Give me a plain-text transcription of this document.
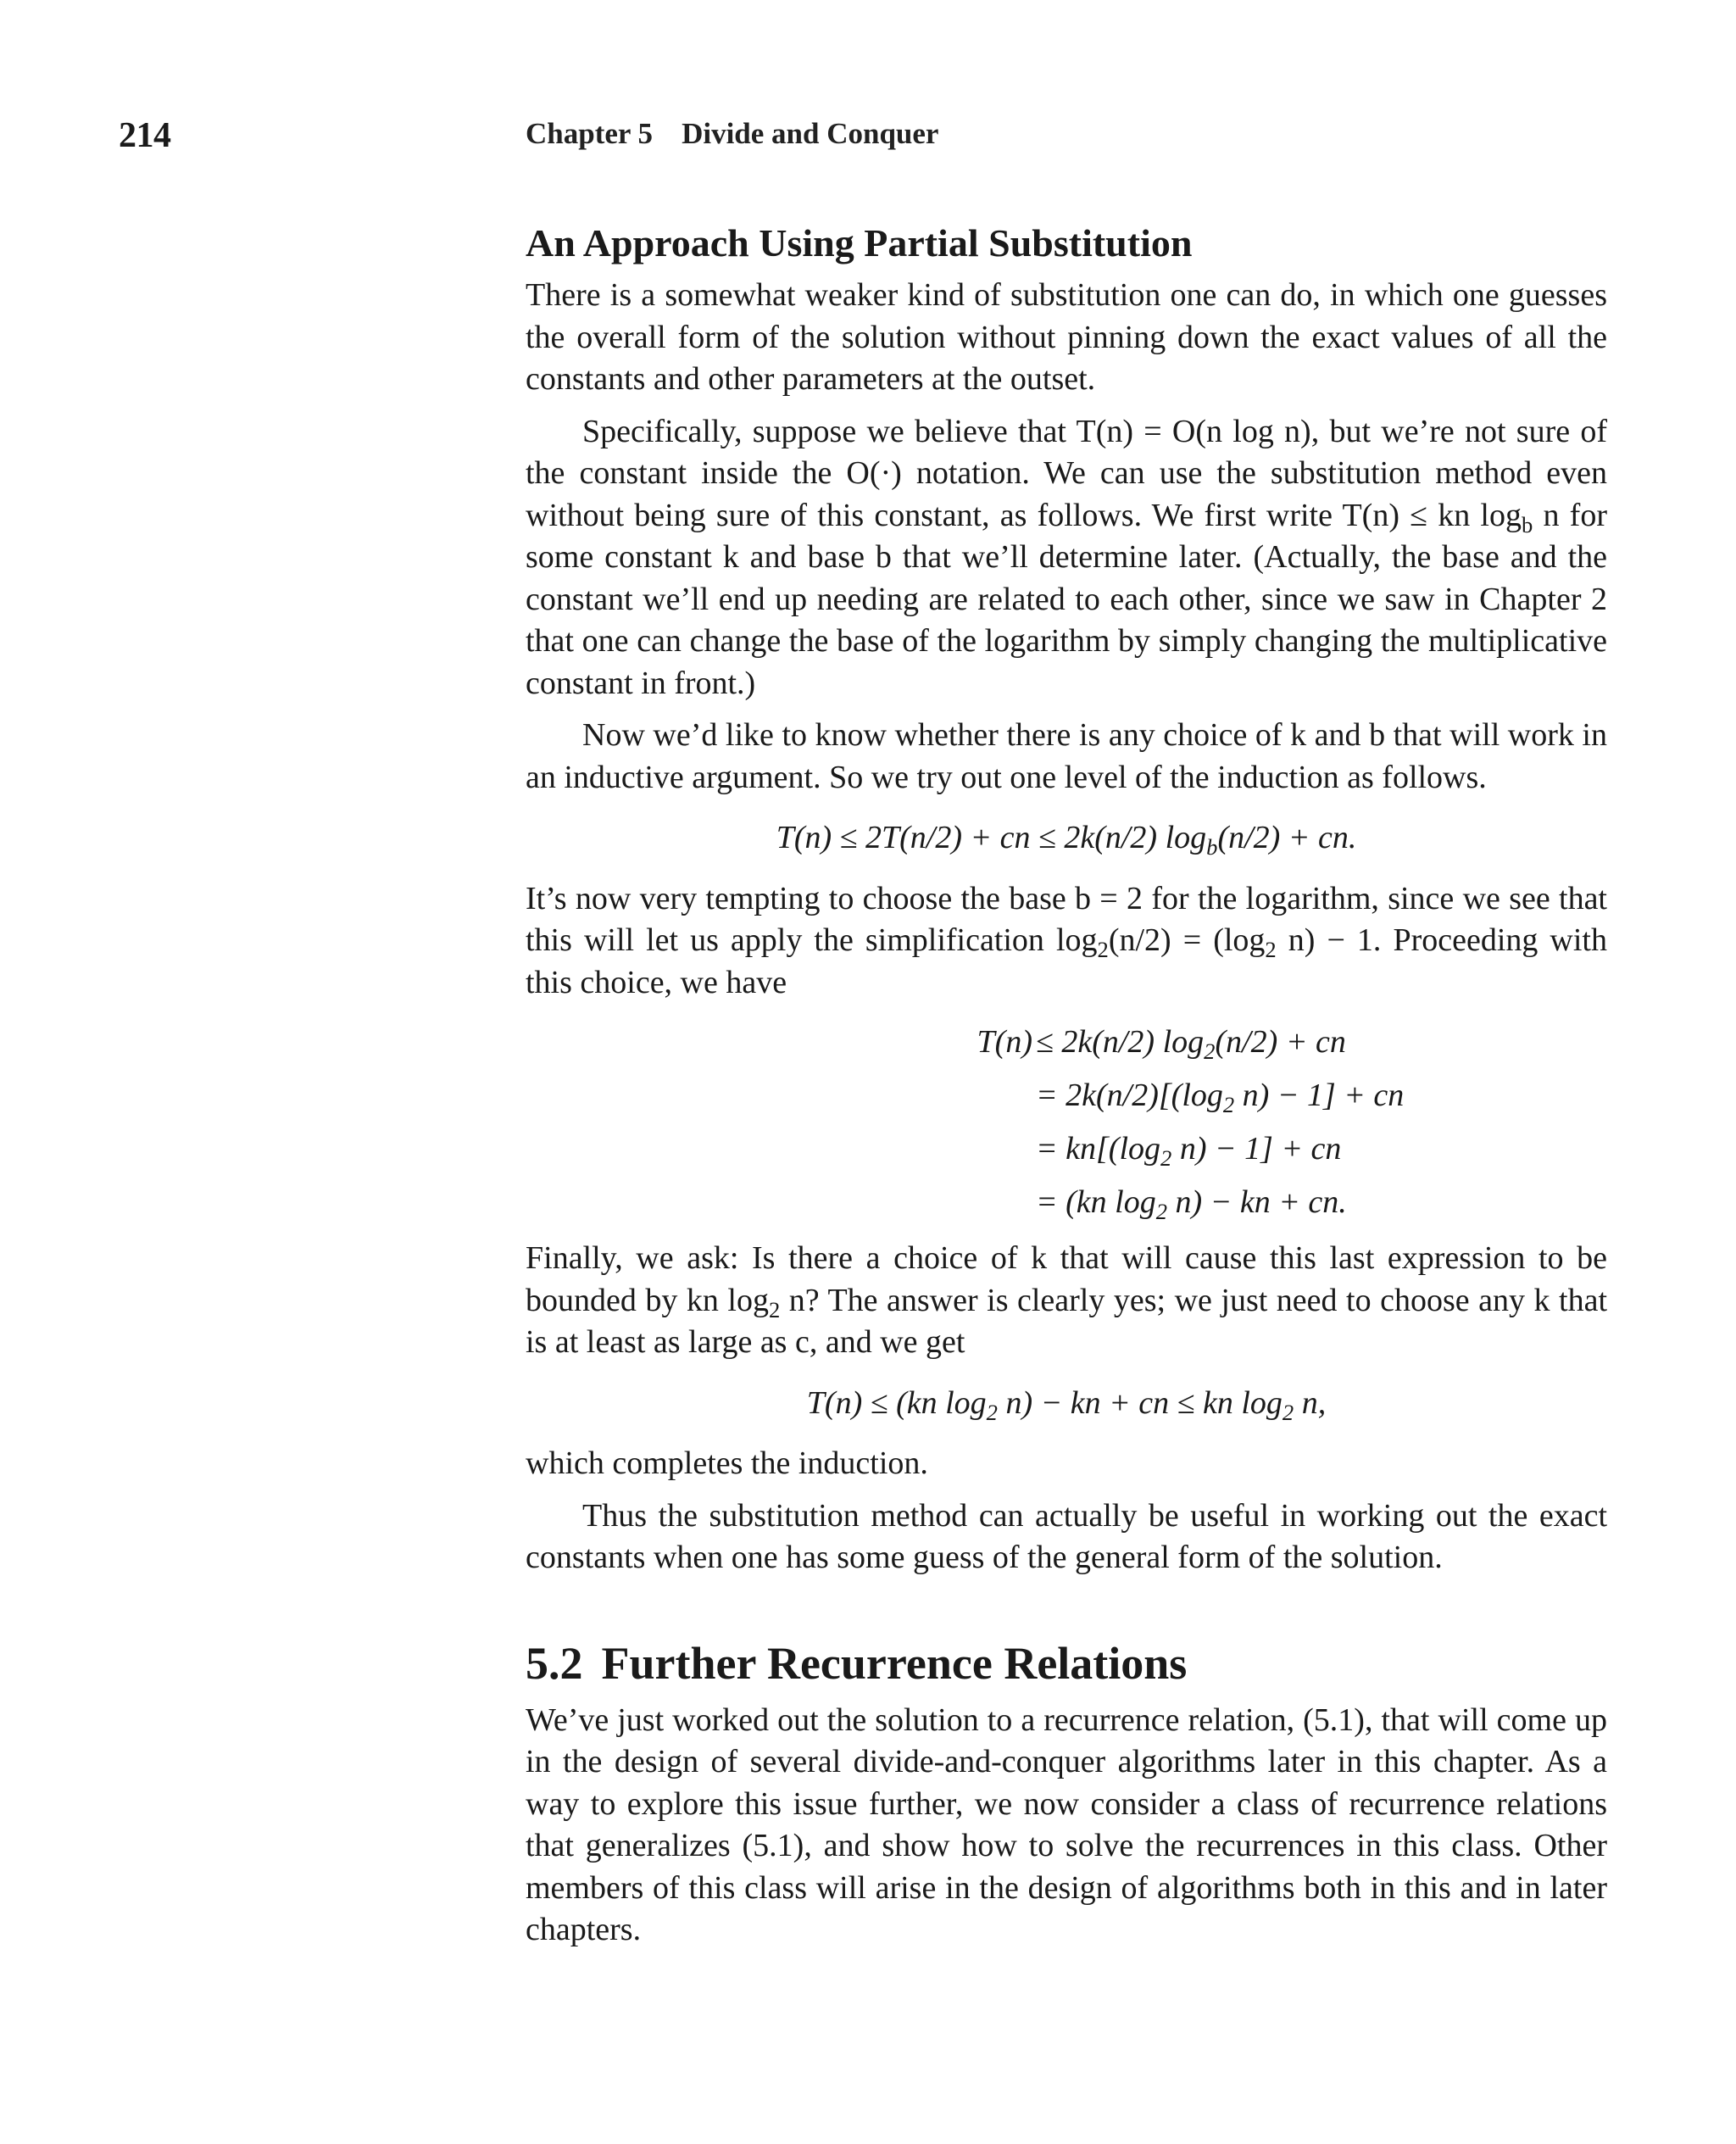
214	Chapter 5 Divide and Conquer
An Approach Using Partial Substitution

There is a somewhat weaker kind of substitution one can do, in which one guesses the overall form of the solution without pinning down the exact values of all the constants and other parameters at the outset.

Specifically, suppose we believe that T(n) = O(n log n), but we’re not sure of the constant inside the O(·) notation. We can use the substitution method even without being sure of this constant, as follows. We first write T(n) ≤ kn $\log_b n$ for some constant k and base b that we’ll determine later. (Actually, the base and the constant we’ll end up needing are related to each other, since we saw in Chapter 2 that one can change the base of the logarithm by simply changing the multiplicative constant in front.)

Now we’d like to know whether there is any choice of k and b that will work in an inductive argument. So we try out one level of the induction as follows.

T(n) ≤ 2T(n/2) + cn ≤ 2k(n/2) $\log_b(n/2)$ + cn.

It’s now very tempting to choose the base b = 2 for the logarithm, since we see that this will let us apply the simplification $\log_2(n/2) = (\log_2$ n) − 1. Proceeding with this choice, we have

T(n) ≤ 2k(n/2) $\log_2(n/2)$ + cn
= $2k(n/2)[(\log_2$ n) − 1] + cn
= $kn[(\log_2$ n) − 1] + cn
= (kn $\log_2 n$) − kn + cn.

Finally, we ask: Is there a choice of k that will cause this last expression to be bounded by kn $\log_2 n$? The answer is clearly yes; we just need to choose any k that is at least as large as c, and we get

T(n) ≤ (kn $\log_2 n$) − kn + cn ≤ kn $\log_2 n$,

which completes the induction.

Thus the substitution method can actually be useful in working out the exact constants when one has some guess of the general form of the solution.

5.2 Further Recurrence Relations

We’ve just worked out the solution to a recurrence relation, (5.1), that will come up in the design of several divide-and-conquer algorithms later in this chapter. As a way to explore this issue further, we now consider a class of recurrence relations that generalizes (5.1), and show how to solve the recurrences in this class. Other members of this class will arise in the design of algorithms both in this and in later chapters.
